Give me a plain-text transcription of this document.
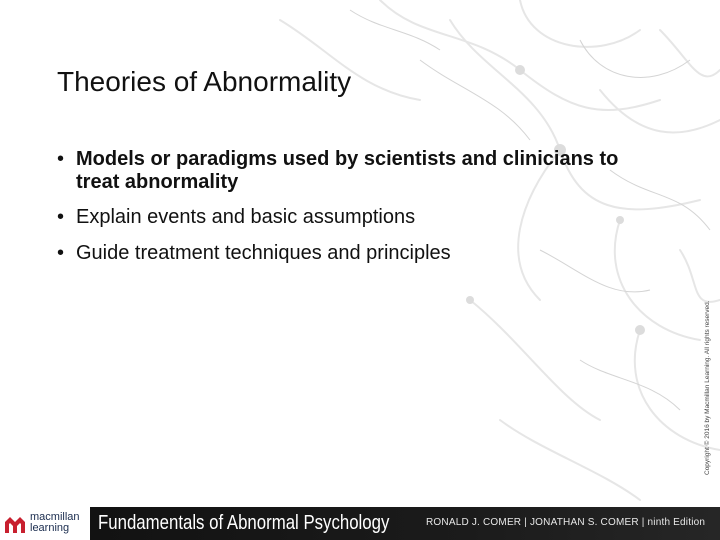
Theories of Abnormality
• Models or paradigms used by scientists and clinicians to treat abnormality
• Explain events and basic assumptions
• Guide treatment techniques and principles
Copyright © 2016 by Macmillan Learning. All rights reserved.
macmillan
learning	Fundamentals of Abnormal Psychology	RONALD J. COMER | JONATHAN S. COMER | ninth Edition
